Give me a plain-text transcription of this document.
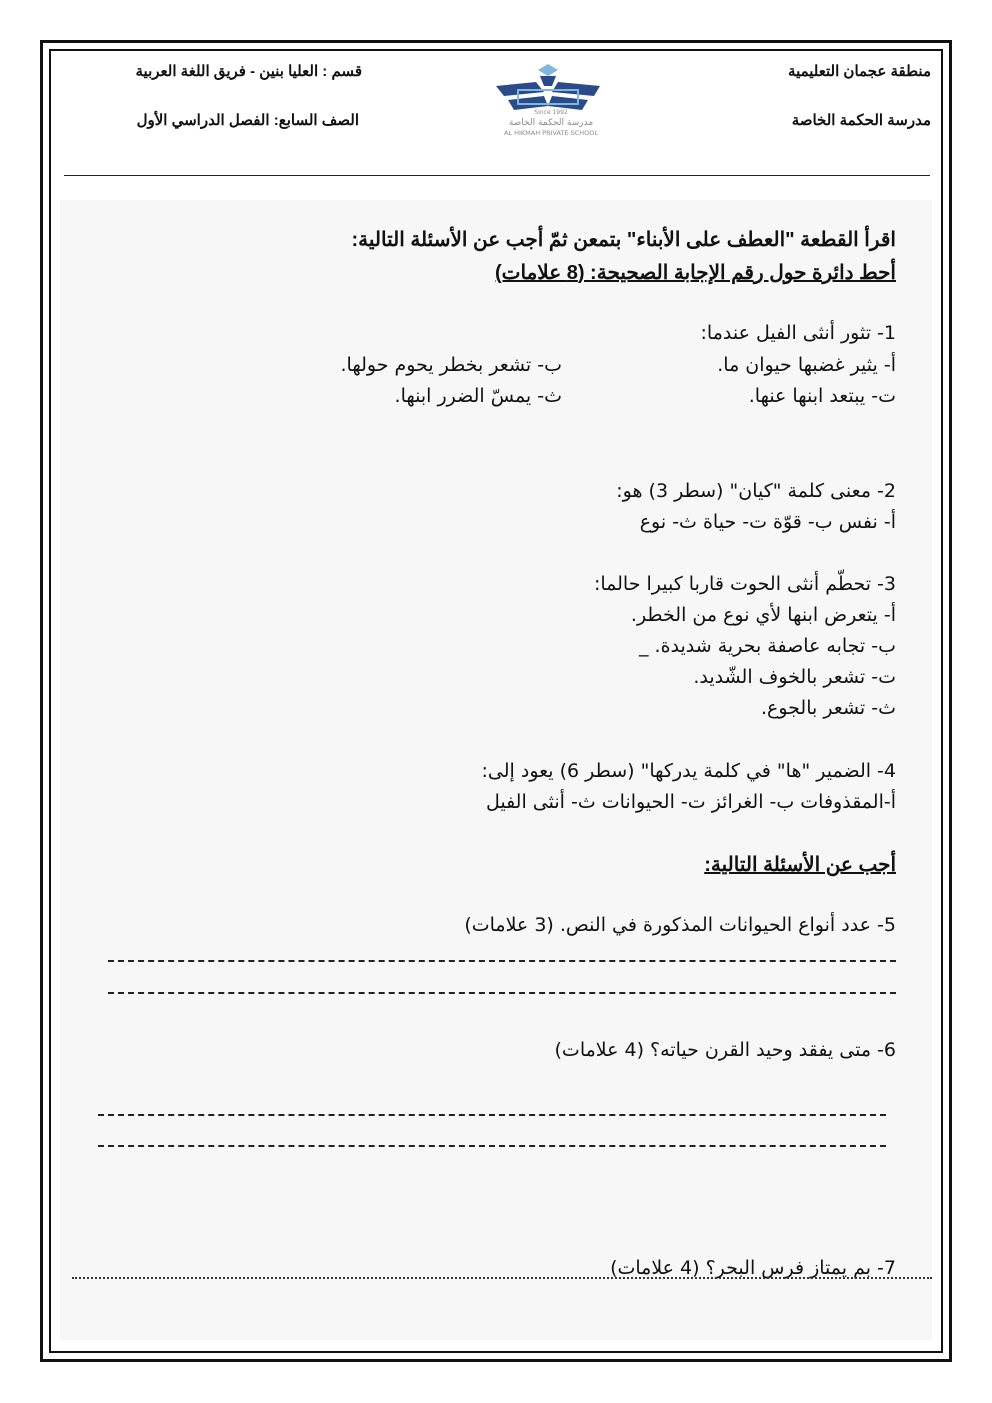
منطقة عجمان التعليمية
مدرسة الحكمة الخاصة
قسم : العليا بنين - فريق اللغة العربية
الصف السابع: الفصل الدراسي الأول	Since 1992
مدرسة الحكمة الخاصة
AL HIKMAH PRIVATE SCHOOL
اقرأ القطعة "العطف على الأبناء" بتمعن ثمّ أجب عن الأسئلة التالية:
أحط دائرة حول رقم الإجابة الصحيحة: (8 علامات)
1- تثور أنثى الفيل عندما:
أ- يثير غضبها حيوان ما.
ب- تشعر بخطر يحوم حولها.
ت- يبتعد ابنها عنها.
ث- يمسّ الضرر ابنها.
2- معنى كلمة "كيان" (سطر 3) هو:
أ- نفس ب- قوّة ت- حياة ث- نوع
3- تحطّم أنثى الحوت قاربا كبيرا حالما:
أ- يتعرض ابنها لأي نوع من الخطر.
ب- تجابه عاصفة بحرية شديدة. _
ت- تشعر بالخوف الشّديد.
ث- تشعر بالجوع.
4- الضمير "ها" في كلمة يدركها" (سطر 6) يعود إلى:
أ-المقذوفات ب- الغرائز ت- الحيوانات ث- أنثى الفيل
أجب عن الأسئلة التالية:
5- عدد أنواع الحيوانات المذكورة في النص. (3 علامات)
6- متى يفقد وحيد القرن حياته؟ (4 علامات)
7- بم يمتاز فرس البحر؟ (4 علامات)
